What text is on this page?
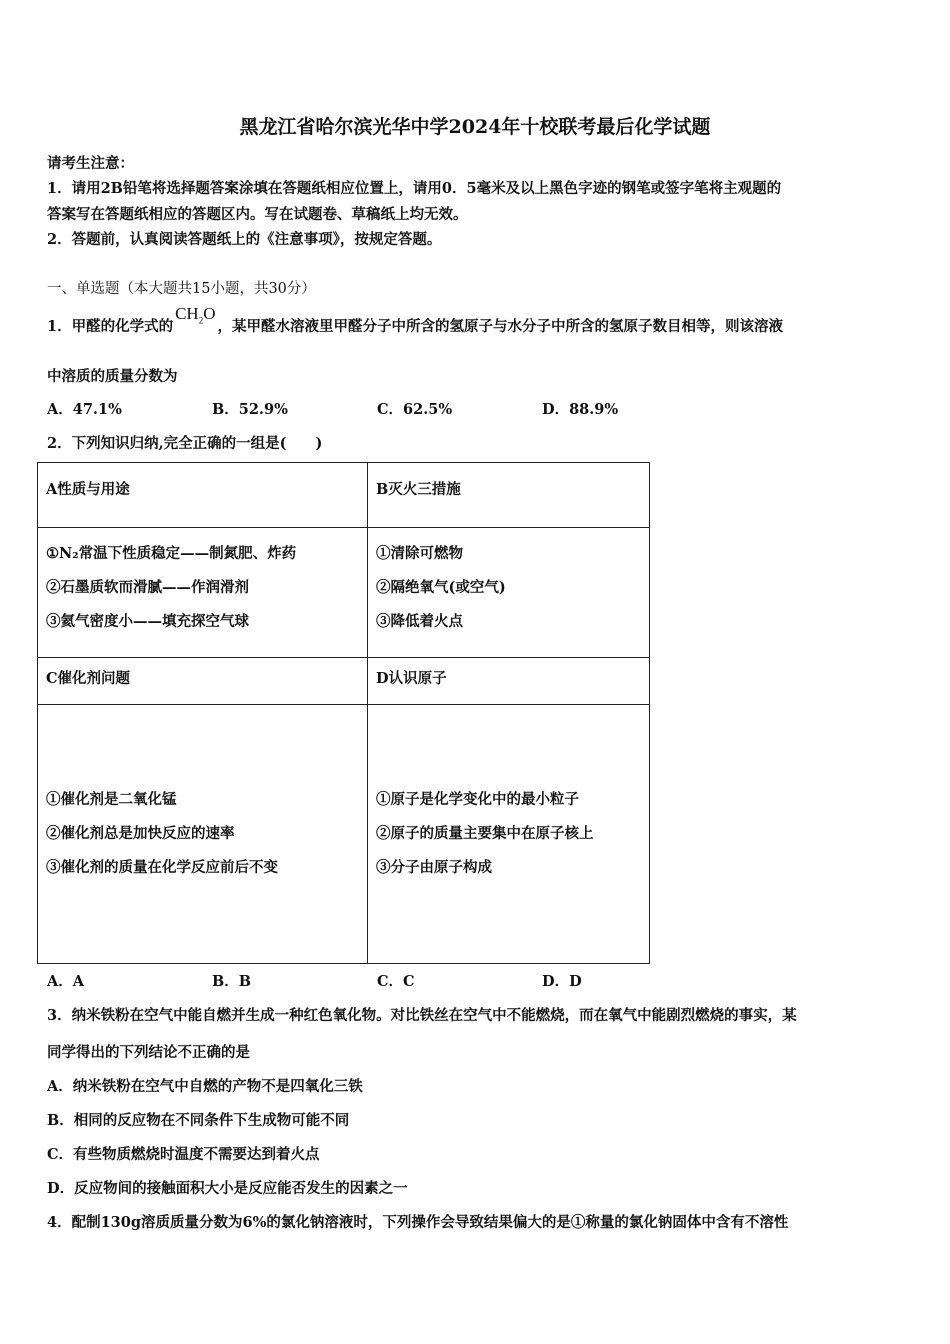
黑龙江省哈尔滨光华中学2024年十校联考最后化学试题
请考生注意：
1．请用2B铅笔将选择题答案涂填在答题纸相应位置上，请用0．5毫米及以上黑色字迹的钢笔或签字笔将主观题的
答案写在答题纸相应的答题区内。写在试题卷、草稿纸上均无效。
2．答题前，认真阅读答题纸上的《注意事项》，按规定答题。
一、单选题（本大题共15小题，共30分）
1．甲醛的化学式的$CH_2O$，某甲醛水溶液里甲醛分子中所含的氢原子与水分子中所含的氢原子数目相等，则该溶液
中溶质的质量分数为
A．47.1%	B．52.9%	C．62.5%	D．88.9%
2．下列知识归纳,完全正确的一组是(　　)
A性质与用途	B灭火三措施

①N₂常温下性质稳定——制氮肥、炸药
②石墨质软而滑腻——作润滑剂
③氦气密度小——填充探空气球	①清除可燃物
②隔绝氧气(或空气)
③降低着火点

C催化剂问题	D认识原子

①催化剂是二氧化锰
②催化剂总是加快反应的速率
③催化剂的质量在化学反应前后不变	①原子是化学变化中的最小粒子
②原子的质量主要集中在原子核上
③分子由原子构成
A．A	B．B	C．C	D．D
3．纳米铁粉在空气中能自燃并生成一种红色氧化物。对比铁丝在空气中不能燃烧，而在氧气中能剧烈燃烧的事实，某
同学得出的下列结论不正确的是
A．纳米铁粉在空气中自燃的产物不是四氧化三铁
B．相同的反应物在不同条件下生成物可能不同
C．有些物质燃烧时温度不需要达到着火点
D．反应物间的接触面积大小是反应能否发生的因素之一
4．配制130g溶质质量分数为6%的氯化钠溶液时，下列操作会导致结果偏大的是①称量的氯化钠固体中含有不溶性
